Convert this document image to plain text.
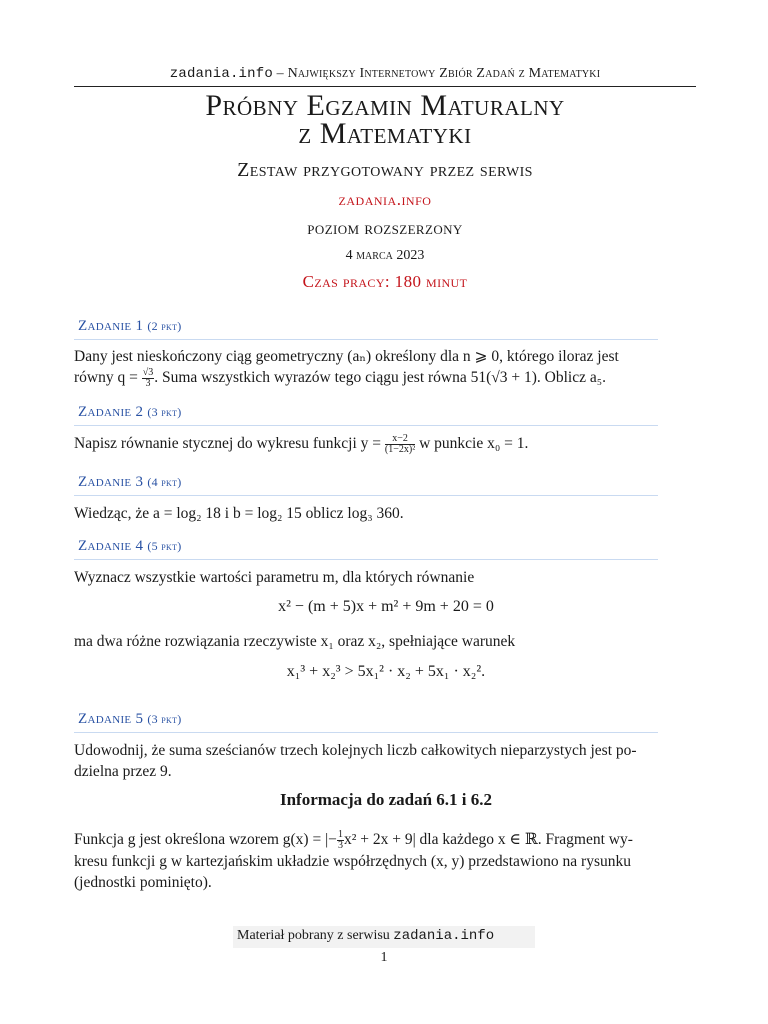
zadania.info – Największy Internetowy Zbiór Zadań z Matematyki
Próbny Egzamin Maturalny
z Matematyki
Zestaw przygotowany przez serwis
zadania.info
poziom rozszerzony
4 marca 2023
Czas pracy: 180 minut
Zadanie 1 (2 pkt)
Dany jest nieskończony ciąg geometryczny (aₙ) określony dla n ⩾ 0, którego iloraz jest
równy $q = \frac{√3}{3}$ . Suma wszystkich wyrazów tego ciągu jest równa 51(√3 + 1). Oblicz a₅.
Zadanie 2 (3 pkt)
Napisz równanie stycznej do wykresu funkcji $y = \frac{x-2}{\text{(1−2x)²}}$ w punkcie x₀ = 1.
Zadanie 3 (4 pkt)
Wiedząc, że a = log₂ 18 i b = log₂ 15 oblicz log₃ 360.
Zadanie 4 (5 pkt)
Wyznacz wszystkie wartości parametru m, dla których równanie
x² − (m + 5)x + m² + 9m + 20 = 0
ma dwa różne rozwiązania rzeczywiste x₁ oraz x₂, spełniające warunek
x₁³ + x₂³ > 5x₁² · x₂ + 5x₁ · x₂².
Zadanie 5 (3 pkt)
Udowodnij, że suma sześcianów trzech kolejnych liczb całkowitych nieparzystych jest po-
dzielna przez 9.
Informacja do zadań 6.1 i 6.2
Funkcja g jest określona wzorem g(x) = |− $\frac{1}{3} x^2 + 2x + 9|$ dla każdego x ∈ ℝ. Fragment wy-
kresu funkcji g w kartezjańskim układzie współrzędnych (x, y) przedstawiono na rysunku
(jednostki pominięto).
Materiał pobrany z serwisu zadania.info
1
